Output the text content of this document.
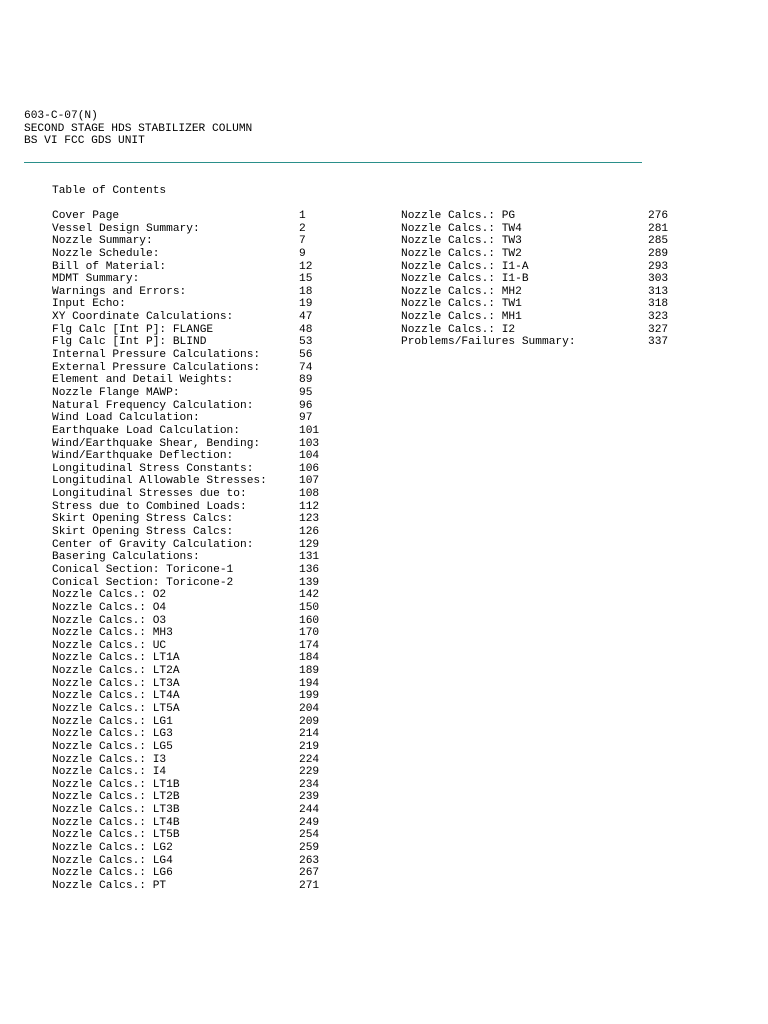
603-C-07(N)
SECOND STAGE HDS STABILIZER COLUMN
BS VI FCC GDS UNIT
Table of Contents
Cover Page	1
Vessel Design Summary:	2
Nozzle Summary:	7
Nozzle Schedule:	9
Bill of Material:	12
MDMT Summary:	15
Warnings and Errors:	18
Input Echo:	19
XY Coordinate Calculations:	47
Flg Calc [Int P]: FLANGE	48
Flg Calc [Int P]: BLIND	53
Internal Pressure Calculations:	56
External Pressure Calculations:	74
Element and Detail Weights:	89
Nozzle Flange MAWP:	95
Natural Frequency Calculation:	96
Wind Load Calculation:	97
Earthquake Load Calculation:	101
Wind/Earthquake Shear, Bending:	103
Wind/Earthquake Deflection:	104
Longitudinal Stress Constants:	106
Longitudinal Allowable Stresses:	107
Longitudinal Stresses due to:	108
Stress due to Combined Loads:	112
Skirt Opening Stress Calcs:	123
Skirt Opening Stress Calcs:	126
Center of Gravity Calculation:	129
Basering Calculations:	131
Conical Section: Toricone-1	136
Conical Section: Toricone-2	139
Nozzle Calcs.: O2	142
Nozzle Calcs.: O4	150
Nozzle Calcs.: O3	160
Nozzle Calcs.: MH3	170
Nozzle Calcs.: UC	174
Nozzle Calcs.: LT1A	184
Nozzle Calcs.: LT2A	189
Nozzle Calcs.: LT3A	194
Nozzle Calcs.: LT4A	199
Nozzle Calcs.: LT5A	204
Nozzle Calcs.: LG1	209
Nozzle Calcs.: LG3	214
Nozzle Calcs.: LG5	219
Nozzle Calcs.: I3	224
Nozzle Calcs.: I4	229
Nozzle Calcs.: LT1B	234
Nozzle Calcs.: LT2B	239
Nozzle Calcs.: LT3B	244
Nozzle Calcs.: LT4B	249
Nozzle Calcs.: LT5B	254
Nozzle Calcs.: LG2	259
Nozzle Calcs.: LG4	263
Nozzle Calcs.: LG6	267
Nozzle Calcs.: PT	271
Nozzle Calcs.: PG	276
Nozzle Calcs.: TW4	281
Nozzle Calcs.: TW3	285
Nozzle Calcs.: TW2	289
Nozzle Calcs.: I1-A	293
Nozzle Calcs.: I1-B	303
Nozzle Calcs.: MH2	313
Nozzle Calcs.: TW1	318
Nozzle Calcs.: MH1	323
Nozzle Calcs.: I2	327
Problems/Failures Summary:	337
